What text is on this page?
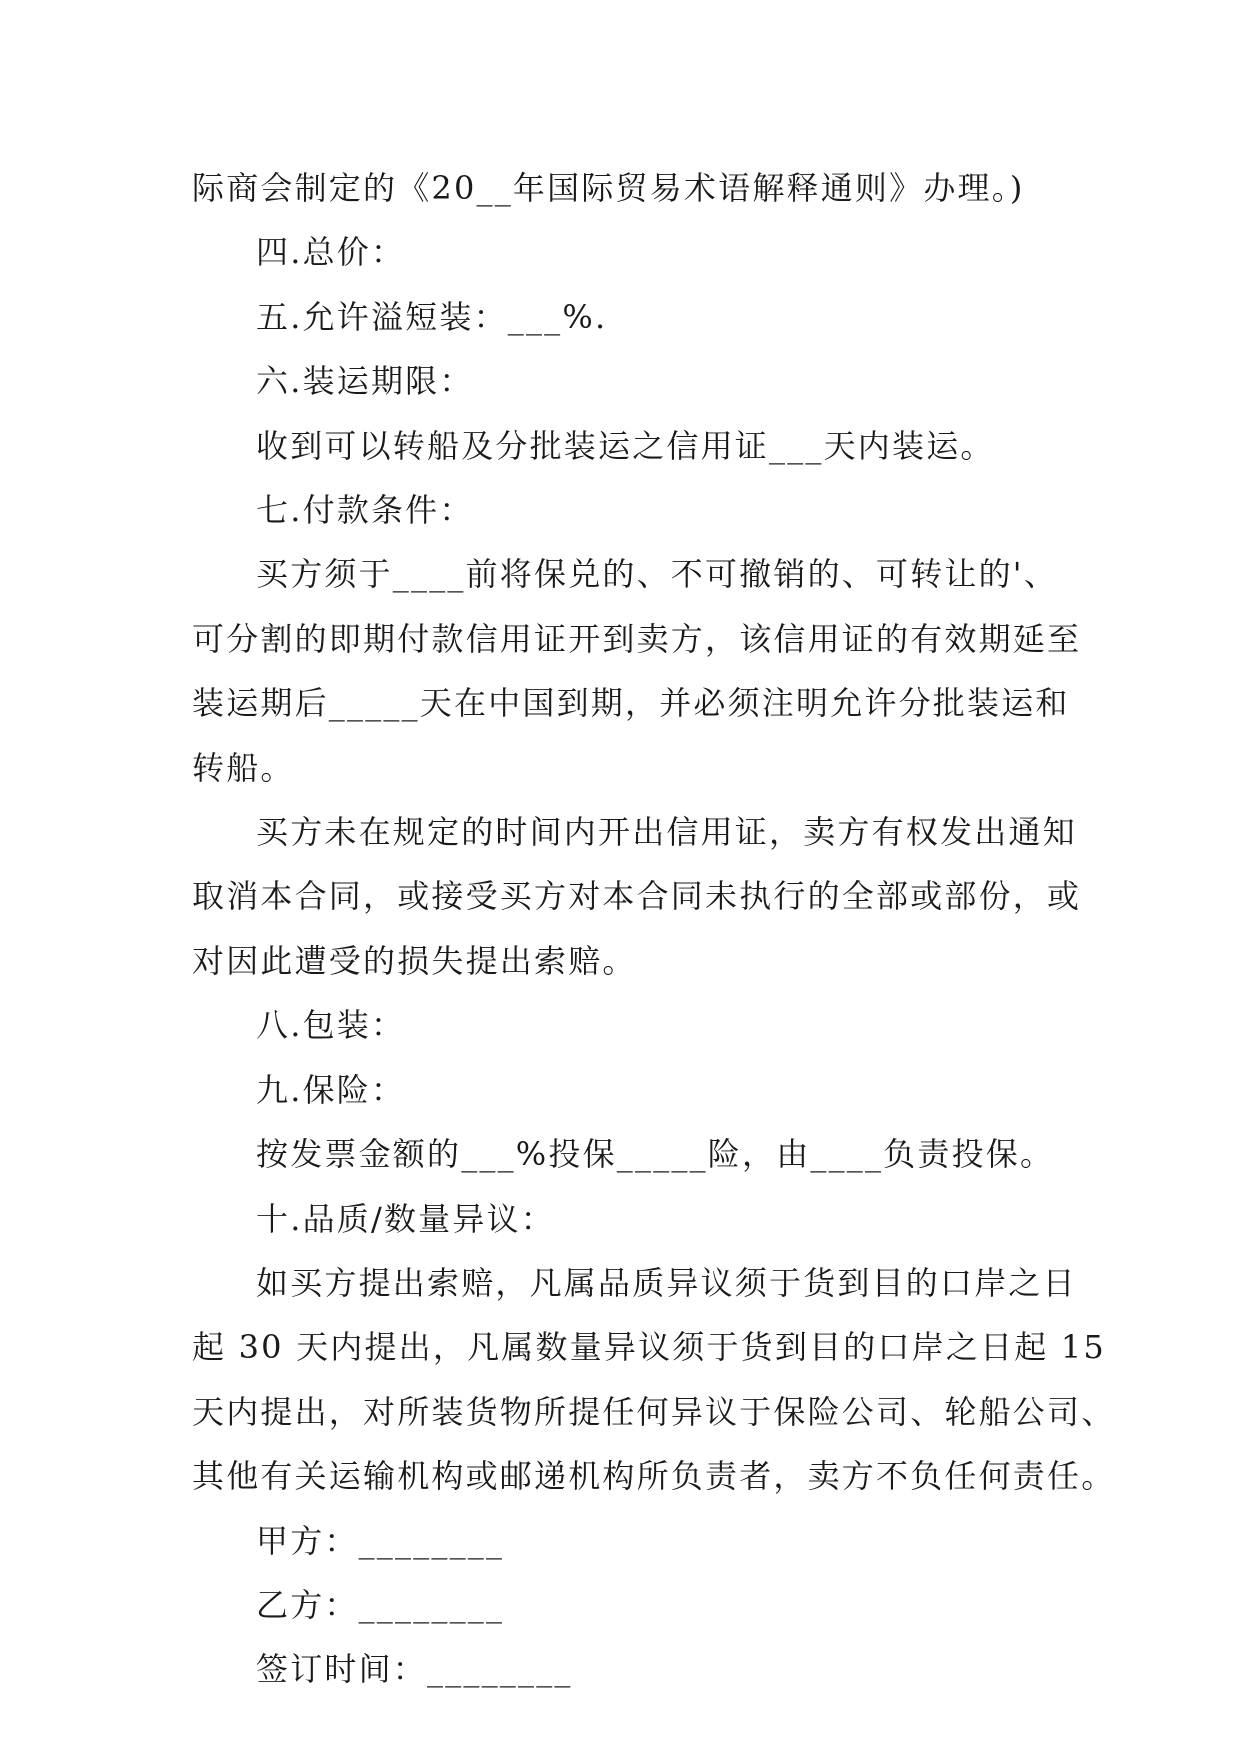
际商会制定的《20__年国际贸易术语解释通则》办理。)
四.总价：
五.允许溢短装：___%.
六.装运期限：
收到可以转船及分批装运之信用证___天内装运。
七.付款条件：
买方须于____前将保兑的、不可撤销的、可转让的'、
可分割的即期付款信用证开到卖方，该信用证的有效期延至
装运期后_____天在中国到期，并必须注明允许分批装运和
转船。
买方未在规定的时间内开出信用证，卖方有权发出通知
取消本合同，或接受买方对本合同未执行的全部或部份，或
对因此遭受的损失提出索赔。
八.包装：
九.保险：
按发票金额的___%投保_____险，由____负责投保。
十.品质/数量异议：
如买方提出索赔，凡属品质异议须于货到目的口岸之日
起 30 天内提出，凡属数量异议须于货到目的口岸之日起 15
天内提出，对所装货物所提任何异议于保险公司、轮船公司、
其他有关运输机构或邮递机构所负责者，卖方不负任何责任。
甲方：________
乙方：________
签订时间：________
